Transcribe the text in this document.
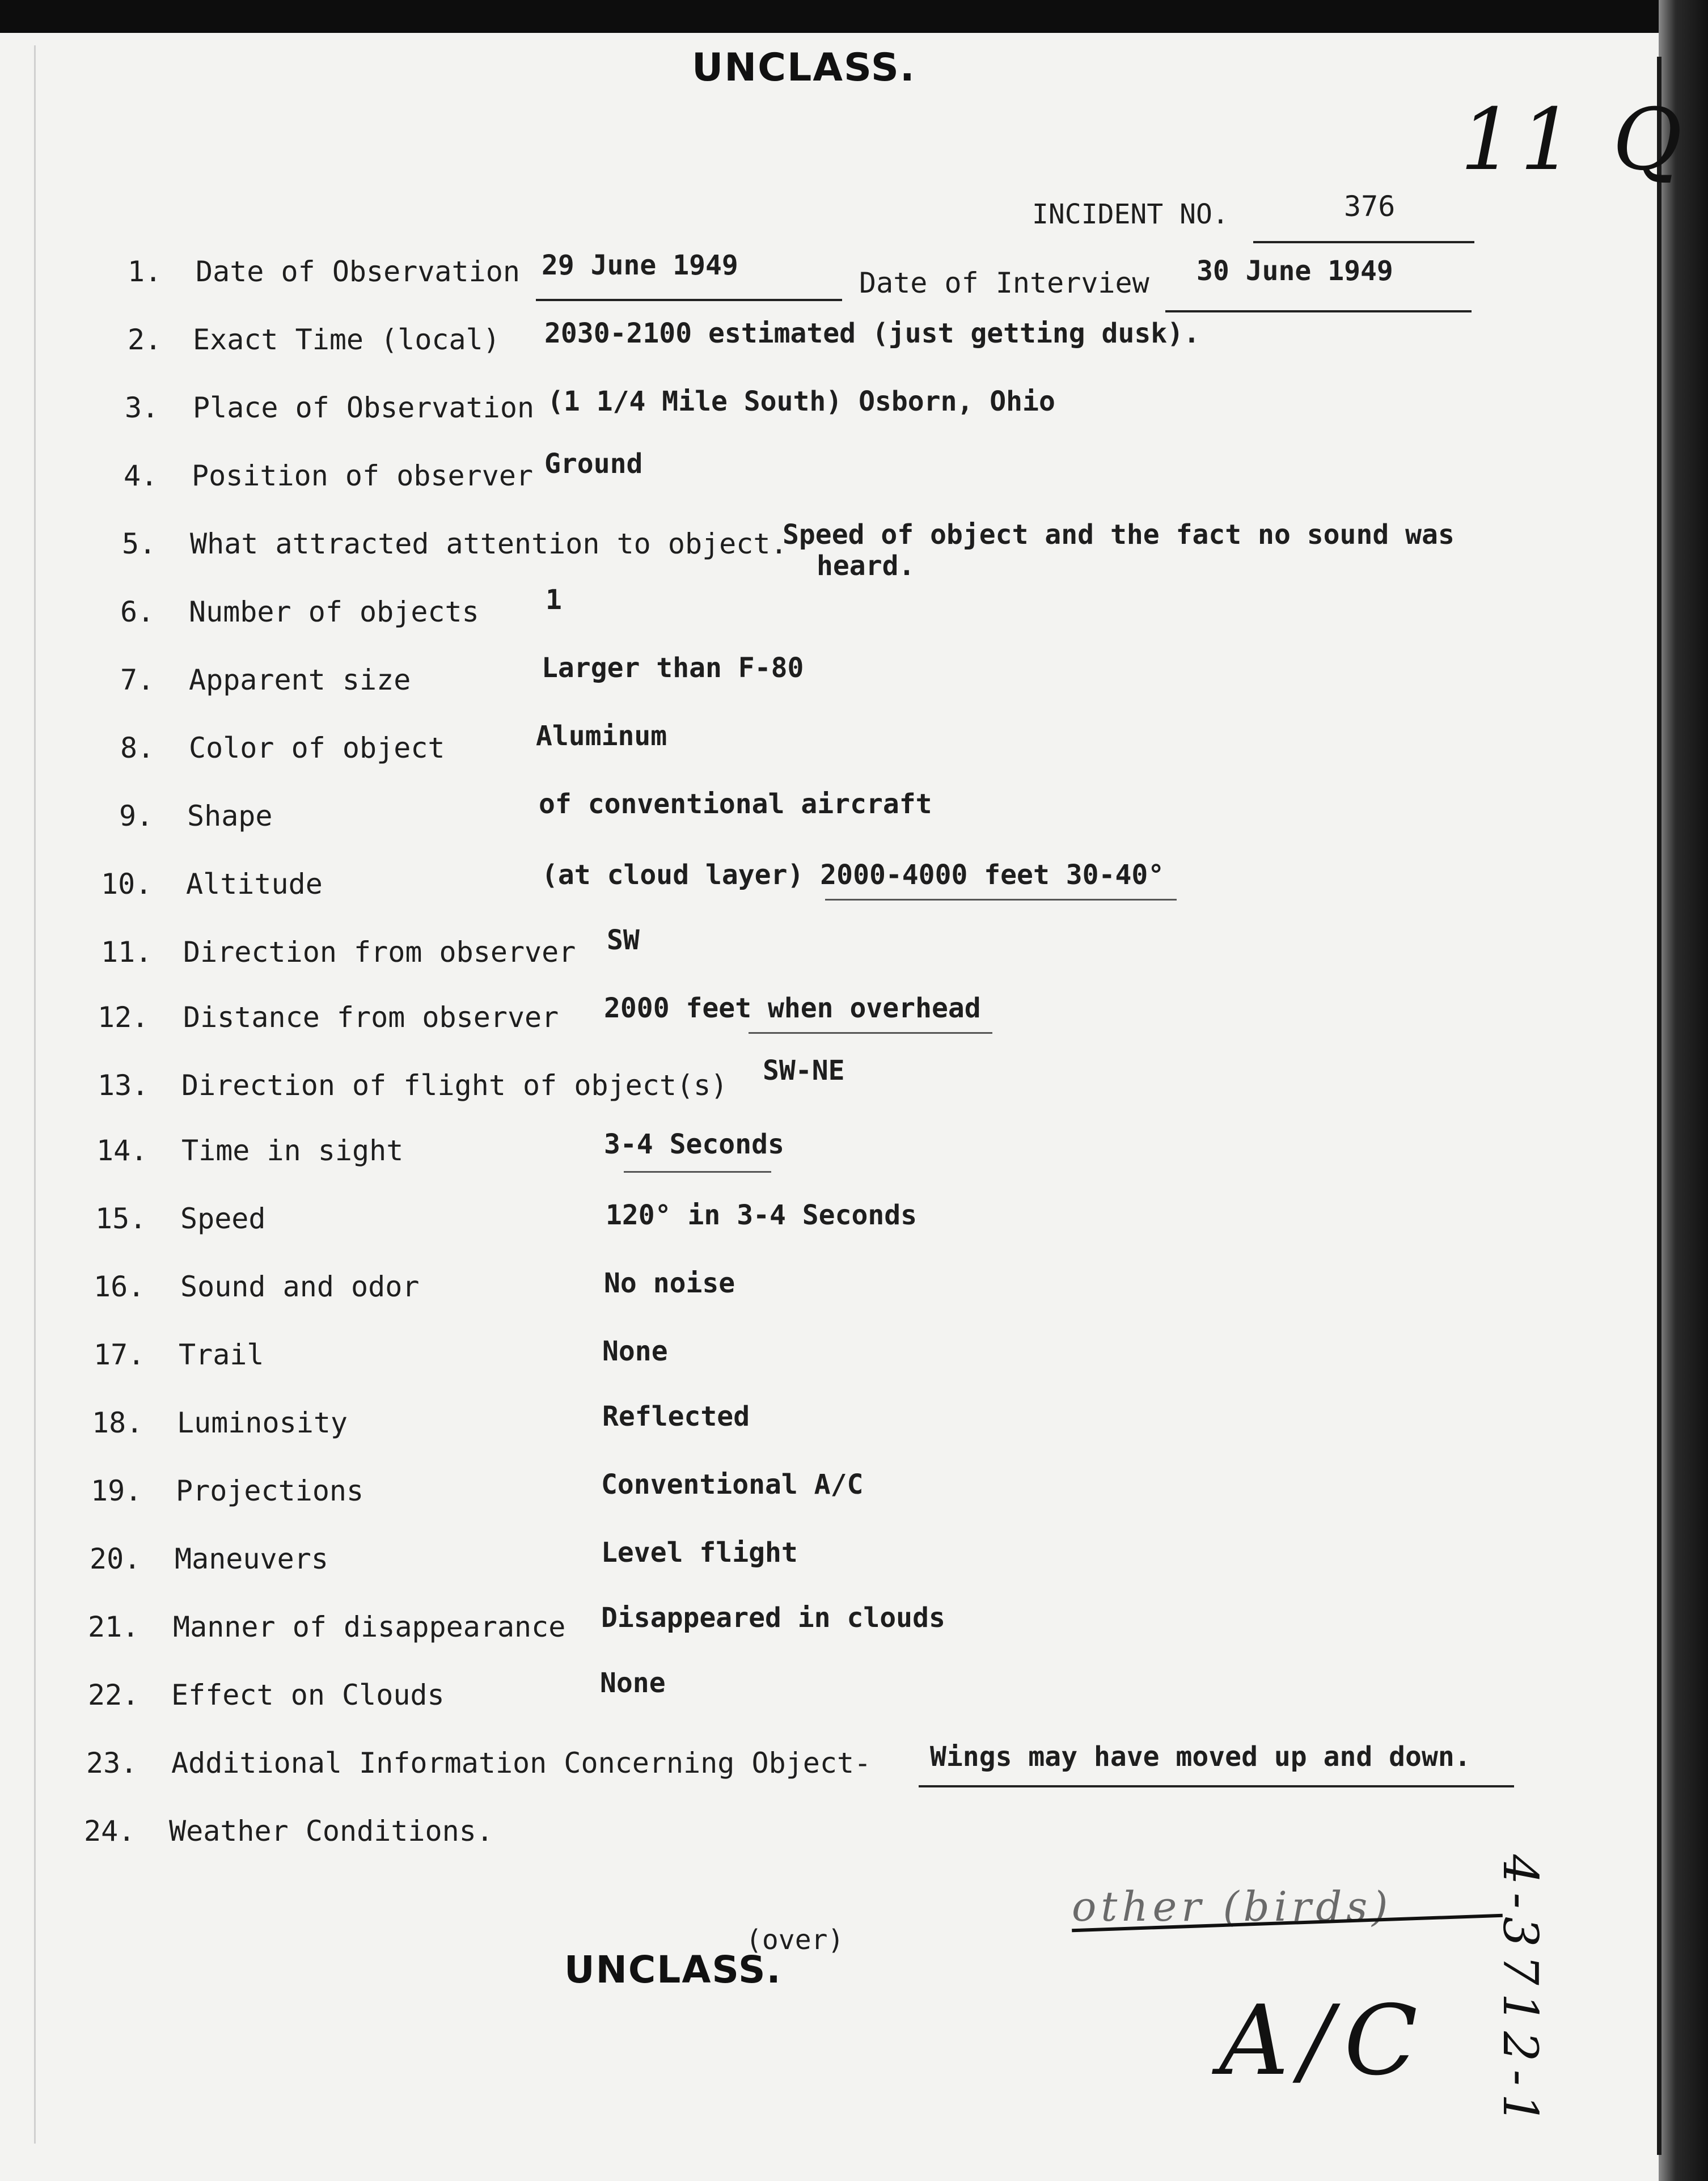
UNCLASS.
11 Q
INCIDENT NO.	376
1. Date of Observation 29 June 1949
Date of Interview 30 June 1949
2. Exact Time (local) 2030-2100 estimated (just getting dusk).
3. Place of Observation (1 1/4 Mile South) Osborn, Ohio
4. Position of observer Ground
5. What attracted attention to object.
Speed of object and the fact no sound was
heard.
6. Number of objects 1
7. Apparent size	Larger than F-80
8. Color of object	Aluminum
9. Shape	of conventional aircraft
10. Altitude	(at cloud layer) 2000-4000 feet 30-40°
11. Direction from observer SW
12. Distance from observer 2000 feet when overhead
13. Direction of flight of object(s) SW-NE
14. Time in sight	3-4 Seconds
15. Speed	120° in 3-4 Seconds
16. Sound and odor	No noise
17. Trail	None
18. Luminosity	Reflected
19. Projections	Conventional A/C
20. Maneuvers	Level flight
21. Manner of disappearance Disappeared in clouds
22. Effect on Clouds	None
23. Additional Information Concerning Object- Wings may have moved up and down.
24. Weather Conditions.
other (birds)
A/C 4-3712-1
(over)
UNCLASS.
